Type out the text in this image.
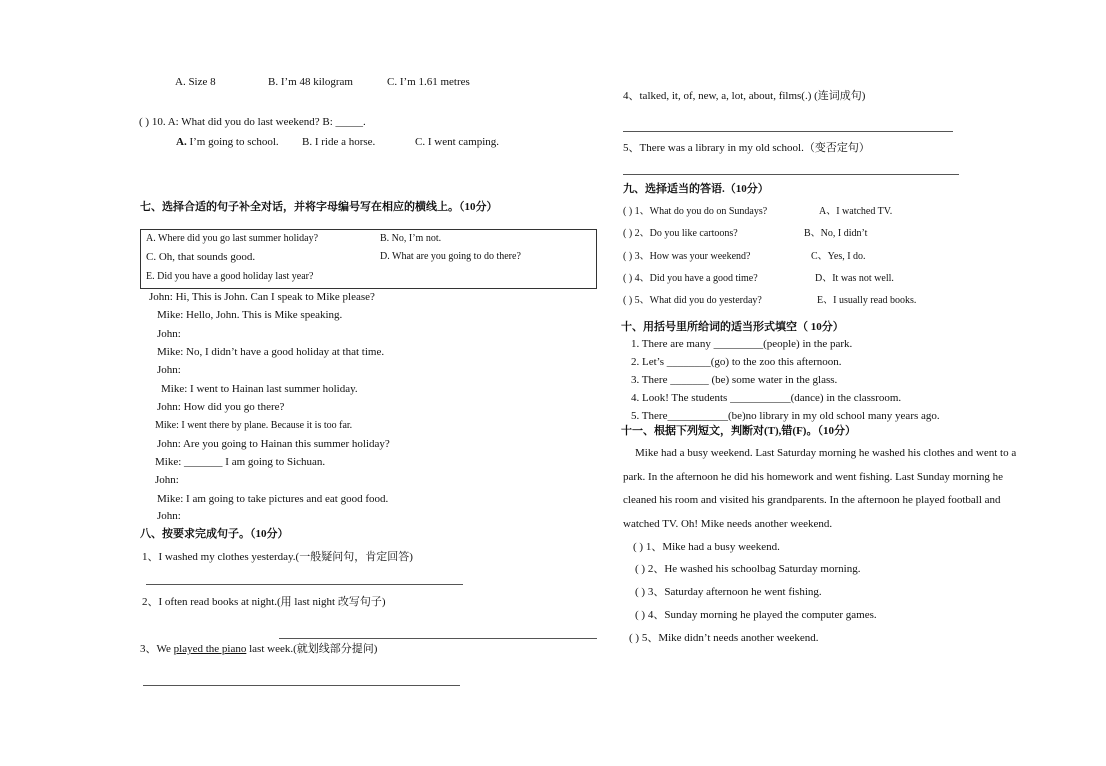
A. Size 8	B. I’m 48 kilogram	C. I’m 1.61 metres
( ) 10. A: What did you do last weekend? B: _____.
A. I’m going to school. B. I ride a horse.	C. I went camping.
七、选择合适的句子补全对话，并将字母编号写在相应的横线上。（10分）
A. Where did you go last summer holiday?	B. No, I’m not.
C. Oh, that sounds good.	D. What are you going to do there?
E. Did you have a good holiday last year?
John: Hi, This is John. Can I speak to Mike please?
Mike: Hello, John. This is Mike speaking.
John:
Mike: No, I didn’t have a good holiday at that time.
John:
Mike: I went to Hainan last summer holiday.
John: How did you go there?
Mike: I went there by plane. Because it is too far.
John: Are you going to Hainan this summer holiday?
Mike: _______ I am going to Sichuan.
John:
Mike: I am going to take pictures and eat good food.
John:
八、按要求完成句子。（10分）
1、I washed my clothes yesterday.(一般疑问句，肯定回答)
2、I often read books at night.(用 last night 改写句子)
3、We played the piano last week.(就划线部分提问)
4、talked, it, of, new, a, lot, about, films(.) (连词成句)
5、There was a library in my old school.（变否定句）
九、选择适当的答语.（10分）
( ) 1、What do you do on Sundays?	A、I watched TV.
( ) 2、Do you like cartoons?	B、No, I didn’t
( ) 3、How was your weekend?	C、Yes, I do.
( ) 4、Did you have a good time?	D、It was not well.
( ) 5、What did you do yesterday?	E、I usually read books.
十、用括号里所给词的适当形式填空（ 10分）
1. There are many _________(people) in the park.
2. Let’s ________(go) to the zoo this afternoon.
3. There _______ (be) some water in the glass.
4. Look! The students ___________(dance) in the classroom.
5. There___________(be)no library in my old school many years ago.
十一、根据下列短文，判断对(T),错(F)。（10分）
Mike had a busy weekend. Last Saturday morning he washed his clothes and went to a
park. In the afternoon he did his homework and went fishing. Last Sunday morning he
cleaned his room and visited his grandparents. In the afternoon he played football and
watched TV. Oh! Mike needs another weekend.
( ) 1、Mike had a busy weekend.
( ) 2、He washed his schoolbag Saturday morning.
( ) 3、Saturday afternoon he went fishing.
( ) 4、Sunday morning he played the computer games.
( ) 5、Mike didn’t needs another weekend.
